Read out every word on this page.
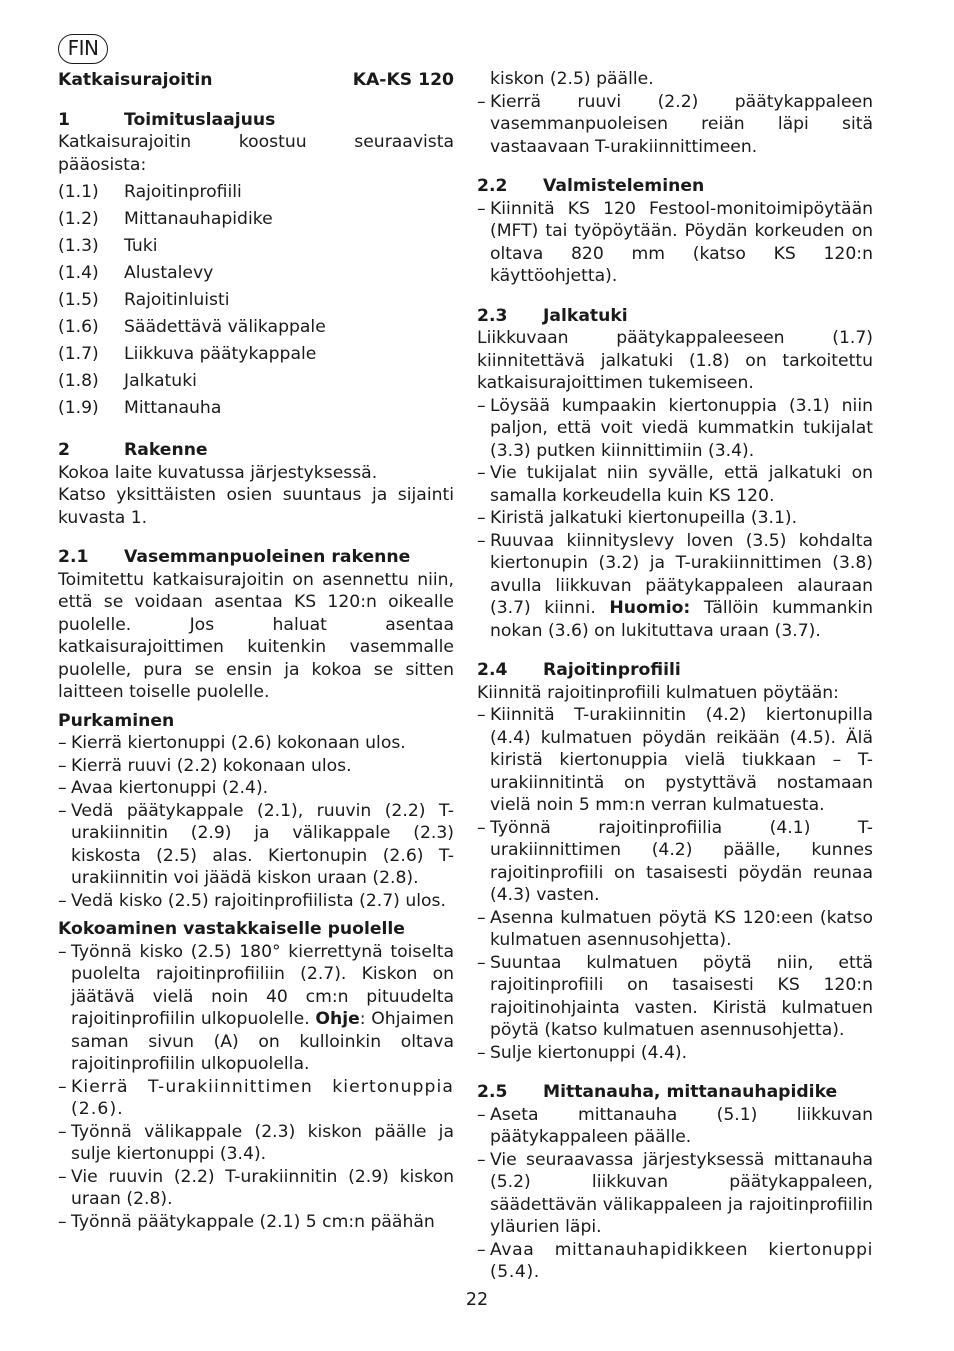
FIN
Katkaisurajoitin	KA-KS 120
1	Toimituslaajuus

Katkaisurajoitin koostuu seuraavista pääosista:

(1.1)	Rajoitinprofiili
(1.2)	Mittanauhapidike
(1.3)	Tuki
(1.4)	Alustalevy
(1.5)	Rajoitinluisti
(1.6)	Säädettävä välikappale
(1.7)	Liikkuva päätykappale
(1.8)	Jalkatuki
(1.9)	Mittanauha
2	Rakenne

Kokoa laite kuvatussa järjestyksessä.

Katso yksittäisten osien suuntaus ja sijainti kuvasta 1.

2.1 Vasemmanpuoleinen rakenne

Toimitettu katkaisurajoitin on asennettu niin, että se voidaan asentaa KS 120:n oikealle puolelle. Jos haluat asentaa katkaisurajoittimen kuitenkin vasemmalle puolelle, pura se ensin ja kokoa se sitten laitteen toiselle puolelle.

Purkaminen
– Kierrä kiertonuppi (2.6) kokonaan ulos.
– Kierrä ruuvi (2.2) kokonaan ulos.
– Avaa kiertonuppi (2.4).
– Vedä päätykappale (2.1), ruuvin (2.2) T-urakiinnitin (2.9) ja välikappale (2.3) kiskosta (2.5) alas. Kiertonupin (2.6) T-urakiinnitin voi jäädä kiskon uraan (2.8).
– Vedä kisko (2.5) rajoitinprofiilista (2.7) ulos.
Kokoaminen vastakkaiselle puolelle
– Työnnä kisko (2.5) 180° kierrettynä toiselta puolelta rajoitinprofiiliin (2.7). Kiskon on jäätävä vielä noin 40 cm:n pituudelta rajoitinprofiilin ulkopuolelle. Ohje: Ohjaimen saman sivun (A) on kulloinkin oltava rajoitinprofiilin ulkopuolella.
– Kierrä T-urakiinnittimen kiertonuppia (2.6).
– Työnnä välikappale (2.3) kiskon päälle ja sulje kiertonuppi (3.4).
– Vie ruuvin (2.2) T-urakiinnitin (2.9) kiskon uraan (2.8).
– Työnnä päätykappale (2.1) 5 cm:n päähän
kiskon (2.5) päälle.
– Kierrä ruuvi (2.2) päätykappaleen vasemmanpuoleisen reiän läpi sitä vastaavaan T-urakiinnittimeen.
2.2 Valmisteleminen
– Kiinnitä KS 120 Festool-monitoimipöytään (MFT) tai työpöytään. Pöydän korkeuden on oltava 820 mm (katso KS 120:n käyttöohjetta).
2.3 Jalkatuki

Liikkuvaan päätykappaleeseen (1.7) kiinnitettävä jalkatuki (1.8) on tarkoitettu katkaisurajoittimen tukemiseen.

– Löysää kumpaakin kiertonuppia (3.1) niin paljon, että voit viedä kummatkin tukijalat (3.3) putken kiinnittimiin (3.4).
– Vie tukijalat niin syvälle, että jalkatuki on samalla korkeudella kuin KS 120.
– Kiristä jalkatuki kiertonupeilla (3.1).
– Ruuvaa kiinnityslevy loven (3.5) kohdalta kiertonupin (3.2) ja T-urakiinnittimen (3.8) avulla liikkuvan päätykappaleen alauraan (3.7) kiinni. Huomio: Tällöin kummankin nokan (3.6) on lukituttava uraan (3.7).
2.4 Rajoitinprofiili

Kiinnitä rajoitinprofiili kulmatuen pöytään:

– Kiinnitä T-urakiinnitin (4.2) kiertonupilla (4.4) kulmatuen pöydän reikään (4.5). Älä kiristä kiertonuppia vielä tiukkaan – T-urakiinnitintä on pystyttävä nostamaan vielä noin 5 mm:n verran kulmatuesta.
– Työnnä rajoitinprofiilia (4.1) T-urakiinnittimen (4.2) päälle, kunnes rajoitinprofiili on tasaisesti pöydän reunaa (4.3) vasten.
– Asenna kulmatuen pöytä KS 120:een (katso kulmatuen asennusohjetta).
– Suuntaa kulmatuen pöytä niin, että rajoitinprofiili on tasaisesti KS 120:n rajoitinohjainta vasten. Kiristä kulmatuen pöytä (katso kulmatuen asennusohjetta).
– Sulje kiertonuppi (4.4).
2.5 Mittanauha, mittanauhapidike
– Aseta mittanauha (5.1) liikkuvan päätykappaleen päälle.
– Vie seuraavassa järjestyksessä mittanauha (5.2) liikkuvan päätykappaleen, säädettävän välikappaleen ja rajoitinprofiilin yläurien läpi.
– Avaa mittanauhapidikkeen kiertonuppi (5.4).
22
